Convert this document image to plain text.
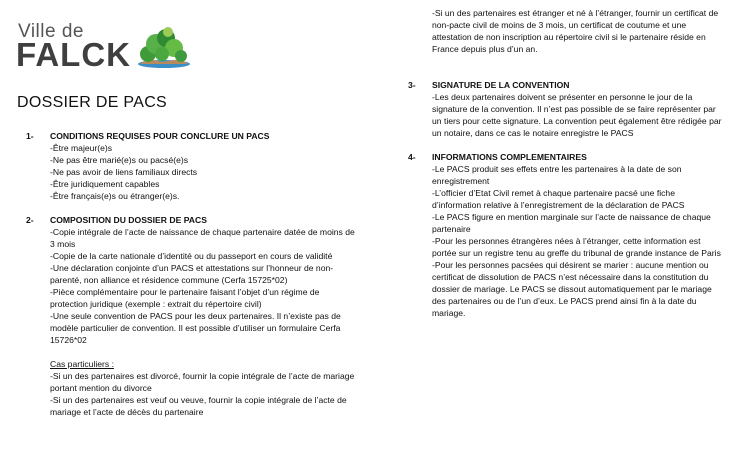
Ville de
FALCK
DOSSIER DE PACS
1- CONDITIONS REQUISES POUR CONCLURE UN PACS
-Être majeur(e)s
-Ne pas être marié(e)s ou pacsé(e)s
-Ne pas avoir de liens familiaux directs
-Être juridiquement capables
-Être français(e)s ou étranger(e)s.
2- COMPOSITION DU DOSSIER DE PACS
-Copie intégrale de l’acte de naissance de chaque partenaire datée de moins de 3 mois
-Copie de la carte nationale d’identité ou du passeport en cours de validité
-Une déclaration conjointe d’un PACS et attestations sur l’honneur de non-parenté, non alliance et résidence commune (Cerfa 15725*02)
-Pièce complémentaire pour le partenaire faisant l’objet d’un régime de protection juridique (exemple : extrait du répertoire civil)
-Une seule convention de PACS pour les deux partenaires. Il n’existe pas de modèle particulier de convention. Il est possible d’utiliser un formulaire Cerfa 15726*02
Cas particuliers :
-Si un des partenaires est divorcé, fournir la copie intégrale de l’acte de mariage portant mention du divorce
-Si un des partenaires est veuf ou veuve, fournir la copie intégrale de l’acte de mariage et l’acte de décès du partenaire
-Si un des partenaires est étranger et né à l’étranger, fournir un certificat de non-pacte civil de moins de 3 mois, un certificat de coutume et une attestation de non inscription au répertoire civil si le partenaire réside en France depuis plus d’un an.
3- SIGNATURE DE LA CONVENTION
-Les deux partenaires doivent se présenter en personne le jour de la signature de la convention. Il n’est pas possible de se faire représenter par un tiers pour cette signature. La convention peut également être rédigée par un notaire, dans ce cas le notaire enregistre le PACS
4- INFORMATIONS COMPLEMENTAIRES
-Le PACS produit ses effets entre les partenaires à la date de son enregistrement
-L’officier d’Etat Civil remet à chaque partenaire pacsé une fiche d’information relative à l’enregistrement de la déclaration de PACS
-Le PACS figure en mention marginale sur l’acte de naissance de chaque partenaire
-Pour les personnes étrangères nées à l’étranger, cette information est portée sur un registre tenu au greffe du tribunal de grande instance de Paris
-Pour les personnes pacsées qui désirent se marier : aucune mention ou certificat de dissolution de PACS n’est nécessaire dans la constitution du dossier de mariage. Le PACS se dissout automatiquement par le mariage des partenaires ou de l’un d’eux. Le PACS prend ainsi fin à la date du mariage.
